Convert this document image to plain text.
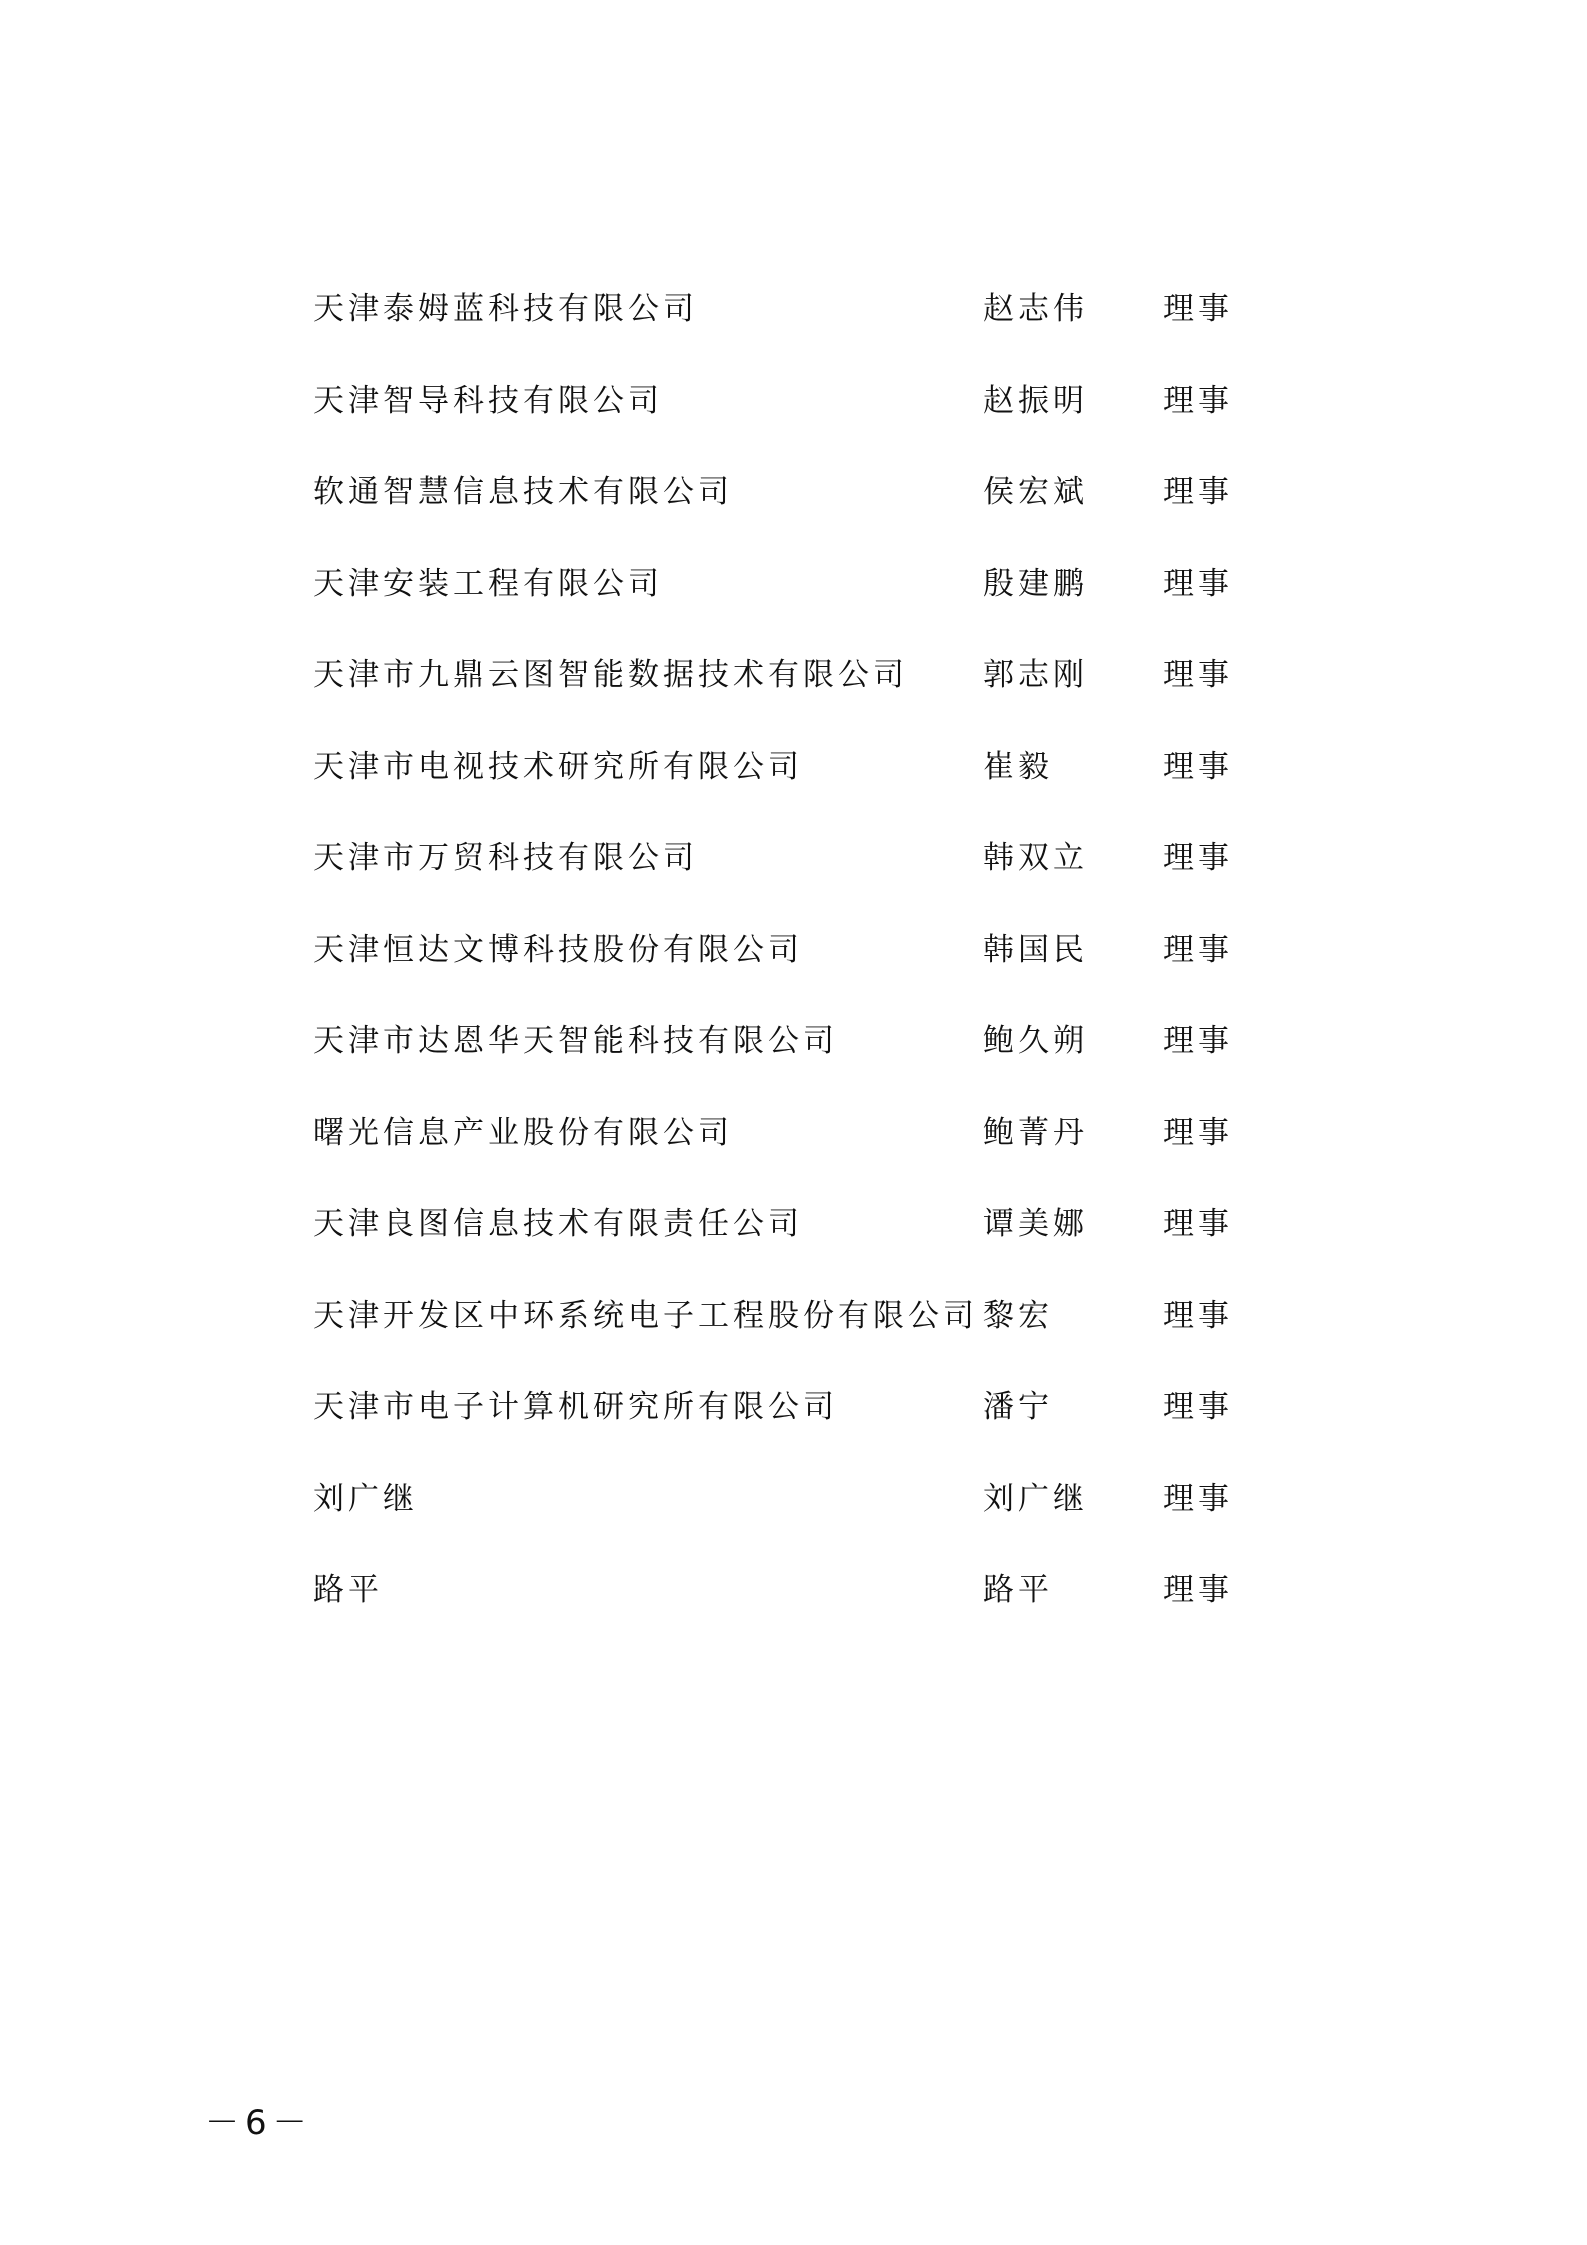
天津泰姆蓝科技有限公司	赵志伟 理事
天津智导科技有限公司	赵振明 理事
软通智慧信息技术有限公司	侯宏斌 理事
天津安装工程有限公司	殷建鹏 理事
天津市九鼎云图智能数据技术有限公司 郭志刚 理事
天津市电视技术研究所有限公司	崔毅	理事
天津市万贸科技有限公司	韩双立 理事
天津恒达文博科技股份有限公司	韩国民 理事
天津市达恩华天智能科技有限公司	鲍久朔 理事
曙光信息产业股份有限公司	鲍菁丹 理事
天津良图信息技术有限责任公司	谭美娜 理事
天津开发区中环系统电子工程股份有限公司 黎宏	理事
天津市电子计算机研究所有限公司	潘宁	理事
刘广继	刘广继 理事
路平	路平	理事
－6－
